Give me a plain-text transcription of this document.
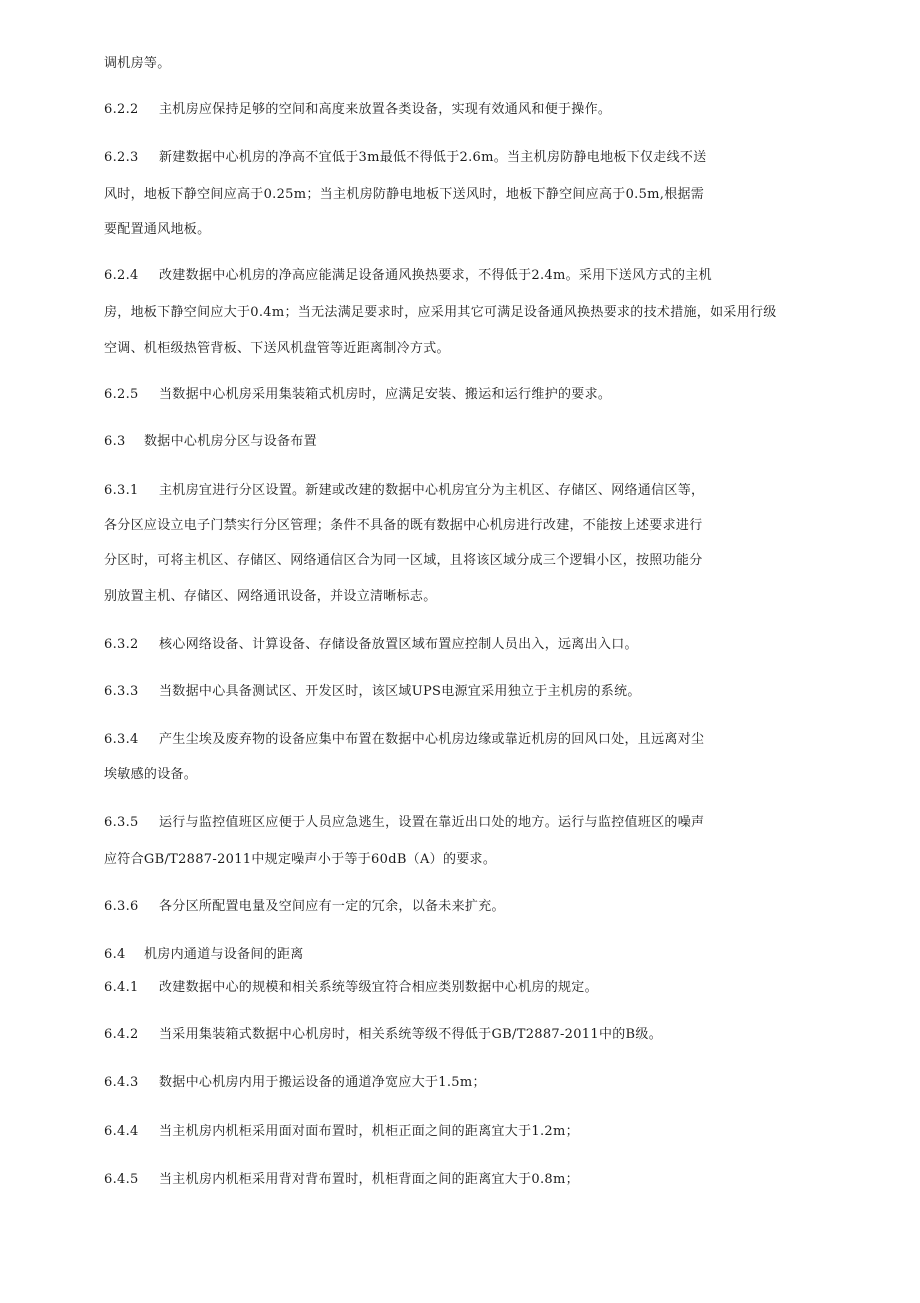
调机房等。
6.2.2 主机房应保持足够的空间和高度来放置各类设备，实现有效通风和便于操作。
6.2.3 新建数据中心机房的净高不宜低于3m最低不得低于2.6m。当主机房防静电地板下仅走线不送
风时，地板下静空间应高于0.25m；当主机房防静电地板下送风时，地板下静空间应高于0.5m,根据需
要配置通风地板。
6.2.4 改建数据中心机房的净高应能满足设备通风换热要求，不得低于2.4m。采用下送风方式的主机
房，地板下静空间应大于0.4m；当无法满足要求时，应采用其它可满足设备通风换热要求的技术措施，如采用行级
空调、机柜级热管背板、下送风机盘管等近距离制冷方式。
6.2.5 当数据中心机房采用集装箱式机房时，应满足安装、搬运和运行维护的要求。
6.3 数据中心机房分区与设备布置
6.3.1 主机房宜进行分区设置。新建或改建的数据中心机房宜分为主机区、存储区、网络通信区等，
各分区应设立电子门禁实行分区管理；条件不具备的既有数据中心机房进行改建，不能按上述要求进行
分区时，可将主机区、存储区、网络通信区合为同一区域，且将该区域分成三个逻辑小区，按照功能分
别放置主机、存储区、网络通讯设备，并设立清晰标志。
6.3.2 核心网络设备、计算设备、存储设备放置区域布置应控制人员出入，远离出入口。
6.3.3 当数据中心具备测试区、开发区时，该区域UPS电源宜采用独立于主机房的系统。
6.3.4 产生尘埃及废弃物的设备应集中布置在数据中心机房边缘或靠近机房的回风口处，且远离对尘
埃敏感的设备。
6.3.5 运行与监控值班区应便于人员应急逃生，设置在靠近出口处的地方。运行与监控值班区的噪声
应符合GB/T2887-2011中规定噪声小于等于60dB（A）的要求。
6.3.6 各分区所配置电量及空间应有一定的冗余，以备未来扩充。
6.4 机房内通道与设备间的距离
6.4.1 改建数据中心的规模和相关系统等级宜符合相应类别数据中心机房的规定。
6.4.2 当采用集装箱式数据中心机房时，相关系统等级不得低于GB/T2887-2011中的B级。
6.4.3 数据中心机房内用于搬运设备的通道净宽应大于1.5m；
6.4.4 当主机房内机柜采用面对面布置时，机柜正面之间的距离宜大于1.2m；
6.4.5 当主机房内机柜采用背对背布置时，机柜背面之间的距离宜大于0.8m；
